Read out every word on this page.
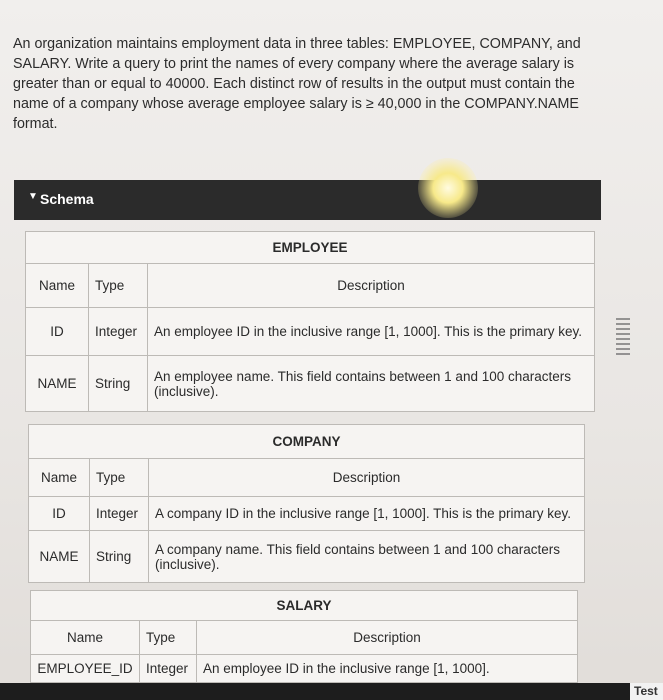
An organization maintains employment data in three tables: EMPLOYEE, COMPANY, and SALARY. Write a query to print the names of every company where the average salary is greater than or equal to 40000. Each distinct row of results in the output must contain the name of a company whose average employee salary is ≥ 40,000 in the COMPANY.NAME format.

▼ Schema
EMPLOYEE		
Name	Type	Description
ID	Integer	An employee ID in the inclusive range [1, 1000]. This is the primary key.
NAME	String	An employee name. This field contains between 1 and 100 characters (inclusive).
COMPANY		
Name	Type	Description
ID	Integer	A company ID in the inclusive range [1, 1000]. This is the primary key.
NAME	String	A company name. This field contains between 1 and 100 characters (inclusive).
SALARY		
Name	Type	Description
EMPLOYEE_ID	Integer	An employee ID in the inclusive range [1, 1000].
Test
